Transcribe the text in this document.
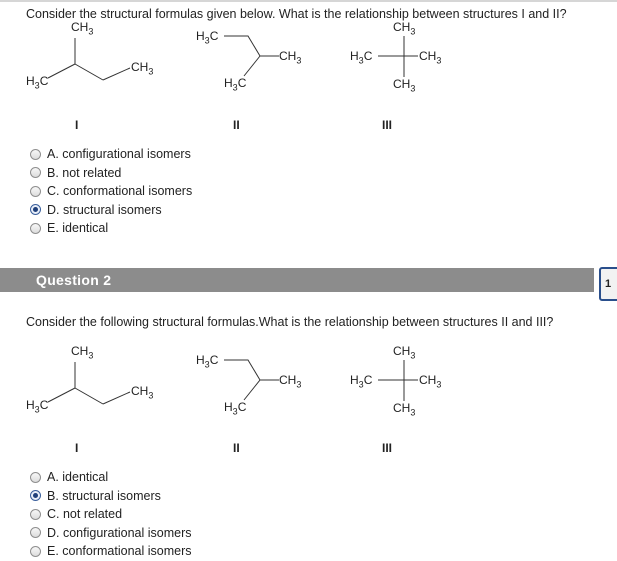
Consider the structural formulas given below. What is the relationship between structures I and II?
$CH_3$
$CH_3$
$H_3C$
$H_3C$
$CH_3$
$H_3C$
$CH_3$
$H_3C$	$CH_3$
$CH_3$
I	II	III
A. configurational isomers
B. not related
C. conformational isomers
D. structural isomers
E. identical
Question 2	1
Consider the following structural formulas.What is the relationship between structures II and III?
$CH_3$
$CH_3$
$H_3C$
$H_3C$
$CH_3$
$H_3C$
$CH_3$
$H_3C$	$CH_3$
$CH_3$
I	II	III
A. identical
B. structural isomers
C. not related
D. configurational isomers
E. conformational isomers
